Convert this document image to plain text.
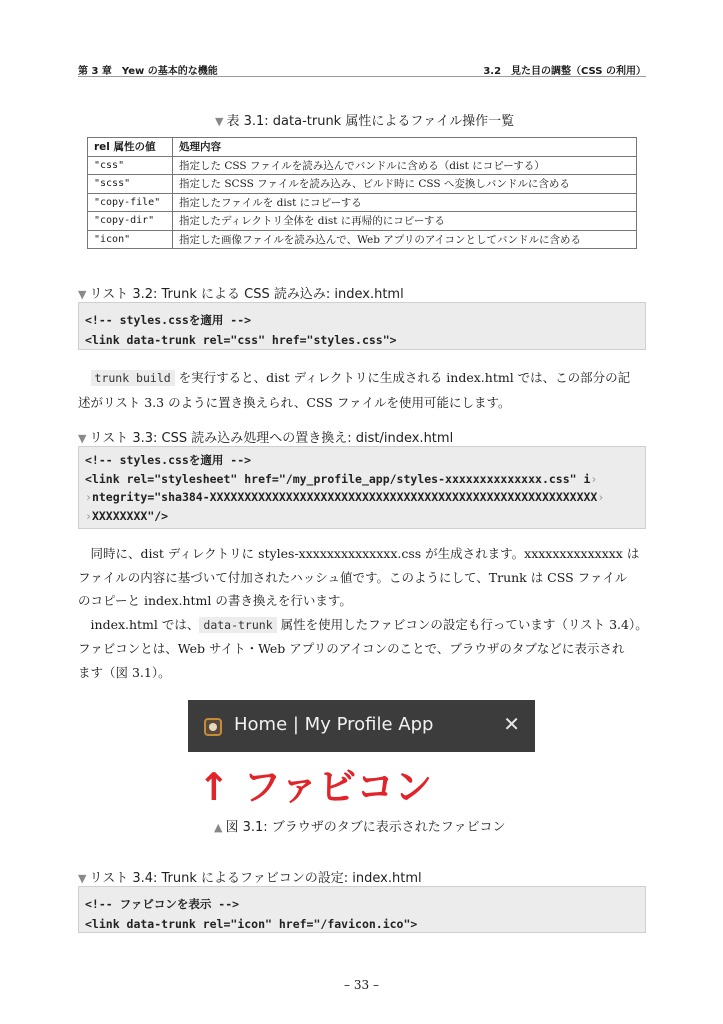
第 3 章　Yew の基本的な機能	3.2　見た目の調整（CSS の利用）
▼ 表 3.1: data-trunk 属性によるファイル操作一覧
rel 属性の値	処理内容
"css"	指定した CSS ファイルを読み込んでバンドルに含める（dist にコピーする）
"scss"	指定した SCSS ファイルを読み込み、ビルド時に CSS へ変換しバンドルに含める
"copy-file"	指定したファイルを dist にコピーする
"copy-dir"	指定したディレクトリ全体を dist に再帰的にコピーする
"icon"	指定した画像ファイルを読み込んで、Web アプリのアイコンとしてバンドルに含める
▼ リスト 3.2: Trunk による CSS 読み込み: index.html
<!-- styles.cssを適用 -->
<link data-trunk rel="css" href="styles.css">
　trunk build を実行すると、dist ディレクトリに生成される index.html では、この部分の記
述がリスト 3.3 のように置き換えられ、CSS ファイルを使用可能にします。
▼ リスト 3.3: CSS 読み込み処理への置き換え: dist/index.html
<!-- styles.cssを適用 -->
<link rel="stylesheet" href="/my_profile_app/styles-xxxxxxxxxxxxxx.css" i›
›ntegrity="sha384-XXXXXXXXXXXXXXXXXXXXXXXXXXXXXXXXXXXXXXXXXXXXXXXXXXXXXXXX›
›XXXXXXXX"/>
　同時に、dist ディレクトリに styles-xxxxxxxxxxxxxx.css が生成されます。xxxxxxxxxxxxxx は
ファイルの内容に基づいて付加されたハッシュ値です。このようにして、Trunk は CSS ファイル
のコピーと index.html の書き換えを行います。
　index.html では、 data-trunk 属性を使用したファビコンの設定も行っています（リスト 3.4）。
ファビコンとは、Web サイト・Web アプリのアイコンのことで、ブラウザのタブなどに表示され
ます（図 3.1）。
Home | My Profile App	✕
↑ ファビコン
▲ 図 3.1: ブラウザのタブに表示されたファビコン
▼ リスト 3.4: Trunk によるファビコンの設定: index.html
<!-- ファビコンを表示 -->
<link data-trunk rel="icon" href="/favicon.ico">
– 33 –
